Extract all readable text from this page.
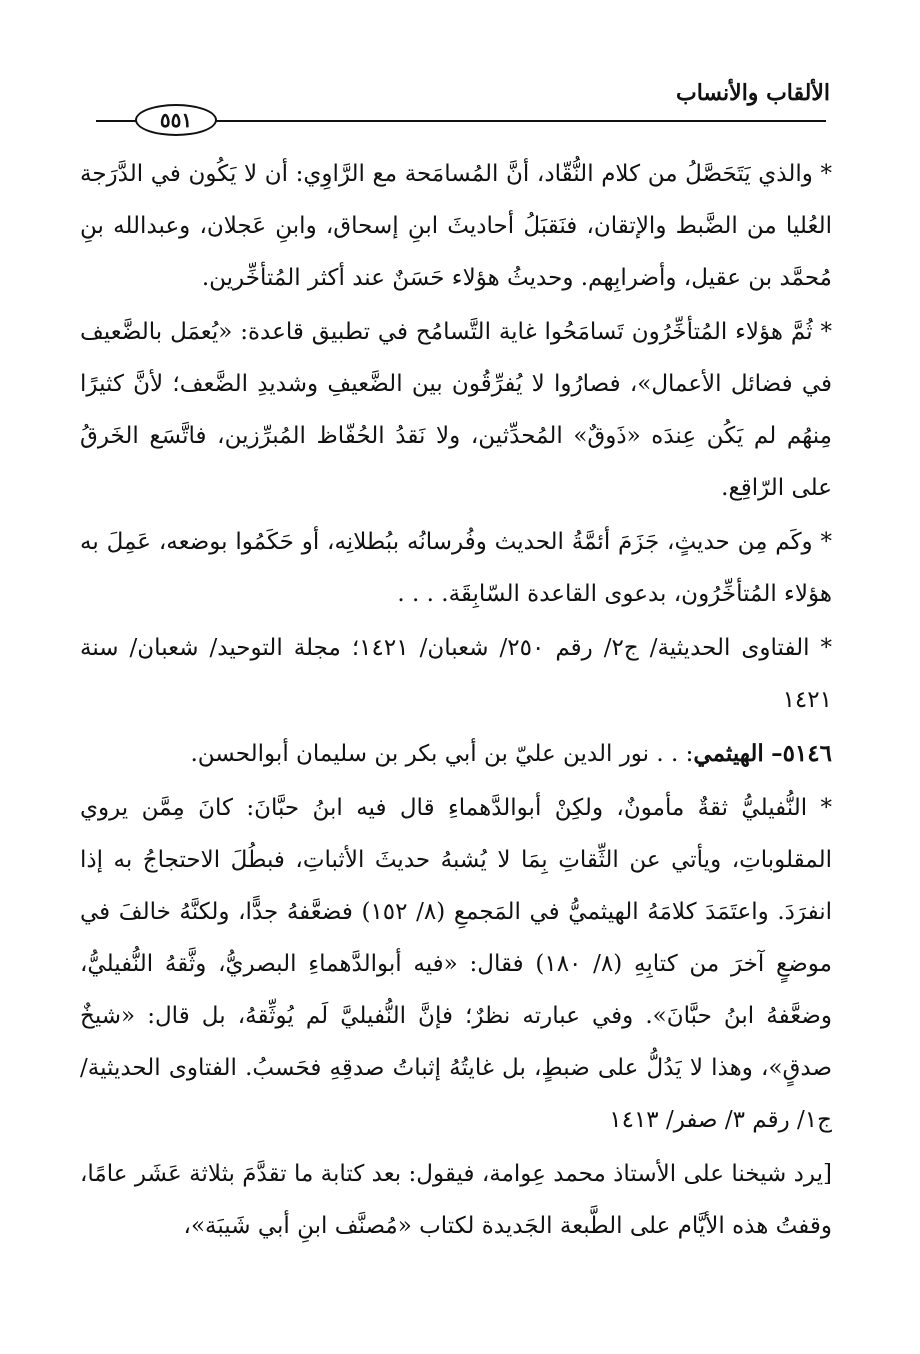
الألقاب والأنساب
٥٥١

* والذي يَتَحَصَّلُ من كلام النُّقّاد، أنَّ المُسامَحة مع الرَّاوِي: أن لا يَكُون في الدَّرَجة العُليا من الضَّبط والإتقان، فنَقبَلُ أحاديثَ ابنِ إسحاق، وابنِ عَجلان، وعبدالله بنِ مُحمَّد بن عقيل، وأضرابِهم. وحديثُ هؤلاء حَسَنٌ عند أكثر المُتأخِّرين.

* ثُمَّ هؤلاء المُتأخِّرُون تَسامَحُوا غاية التَّسامُح في تطبيق قاعدة: «يُعمَل بالضَّعيف في فضائل الأعمال»، فصارُوا لا يُفرِّقُون بين الضَّعيفِ وشديدِ الضَّعف؛ لأنَّ كثيرًا مِنهُم لم يَكُن عِندَه «ذَوقٌ» المُحدِّثين، ولا نَقدُ الحُفّاظ المُبرِّزين، فاتَّسَع الخَرقُ على الرّاقِع.

* وكَم مِن حديثٍ، جَزَمَ أئمَّةُ الحديث وفُرسانُه ببُطلانِه، أو حَكَمُوا بوضعه، عَمِلَ به هؤلاء المُتأخِّرُون، بدعوى القاعدة السّابِقَة. . . .

* الفتاوى الحديثية/ ج٢/ رقم ٢٥٠/ شعبان/ ١٤٢١؛ مجلة التوحيد/ شعبان/ سنة ١٤٢١

٥١٤٦– الهيثمي: . . نور الدين عليّ بن أبي بكر بن سليمان أبوالحسن.

* النُّفيليُّ ثقةٌ مأمونٌ، ولكِنْ أبوالدَّهماءِ قال فيه ابنُ حبَّانَ: كانَ مِمَّن يروي المقلوباتِ، ويأتي عن الثِّقاتِ بِمَا لا يُشبهُ حديثَ الأثباتِ، فبطُلَ الاحتجاجُ به إذا انفرَدَ. واعتَمَدَ كلامَهُ الهيثميُّ في المَجمعِ (٨/ ١٥٢) فضعَّفهُ جدًّا، ولكنَّهُ خالفَ في موضعٍ آخرَ من كتابِهِ (٨/ ١٨٠) فقال: «فيه أبوالدَّهماءِ البصريُّ، وثَّقهُ النُّفيليُّ، وضعَّفهُ ابنُ حبَّانَ». وفي عبارته نظرٌ؛ فإنَّ النُّفيليَّ لَم يُوثِّقهُ، بل قال: «شيخٌ صدقٍ»، وهذا لا يَدُلُّ على ضبطٍ، بل غايتُهُ إثباتُ صدقِهِ فحَسبُ. الفتاوى الحديثية/ ج١/ رقم ٣/ صفر/ ١٤١٣

[يرد شيخنا على الأستاذ محمد عِوامة، فيقول: بعد كتابة ما تقدَّمَ بثلاثة عَشَر عامًا، وقفتُ هذه الأيَّام على الطَّبعة الجَديدة لكتاب «مُصنَّف ابنِ أبي شَيبَة»،
